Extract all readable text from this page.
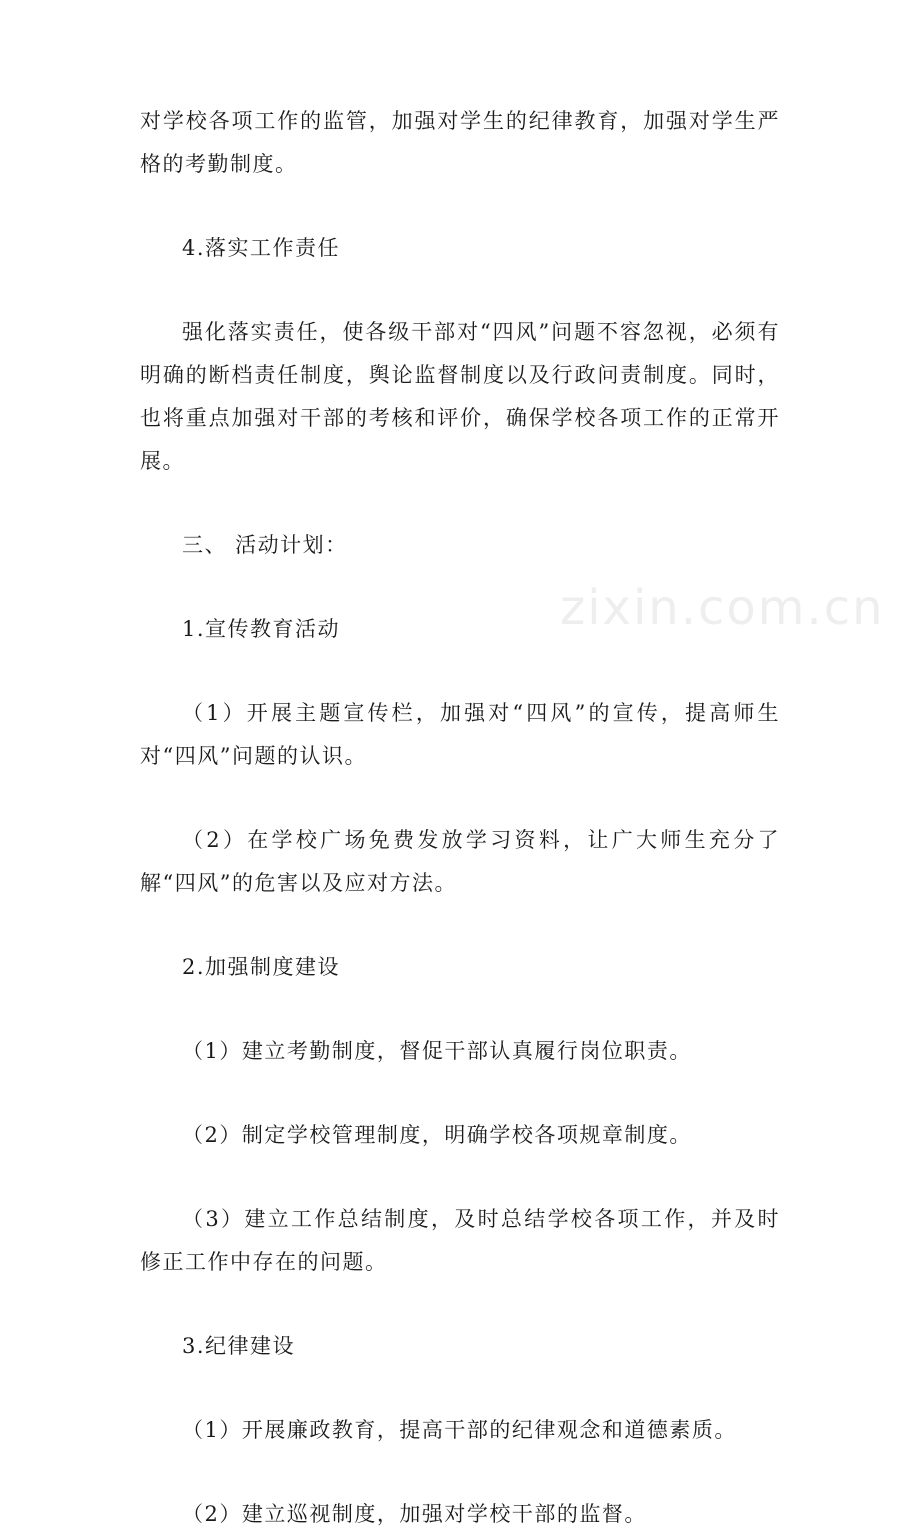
对学校各项工作的监管，加强对学生的纪律教育，加强对学生严格的考勤制度。

4.落实工作责任

强化落实责任，使各级干部对“四风”问题不容忽视，必须有明确的断档责任制度，舆论监督制度以及行政问责制度。同时，也将重点加强对干部的考核和评价，确保学校各项工作的正常开展。

三、 活动计划：

1.宣传教育活动

（1）开展主题宣传栏，加强对“四风”的宣传，提高师生对“四风”问题的认识。

（2）在学校广场免费发放学习资料，让广大师生充分了解“四风”的危害以及应对方法。

2.加强制度建设

（1）建立考勤制度，督促干部认真履行岗位职责。

（2）制定学校管理制度，明确学校各项规章制度。

（3）建立工作总结制度，及时总结学校各项工作，并及时修正工作中存在的问题。

3.纪律建设

（1）开展廉政教育，提高干部的纪律观念和道德素质。

（2）建立巡视制度，加强对学校干部的监督。

zixin.com.cn
